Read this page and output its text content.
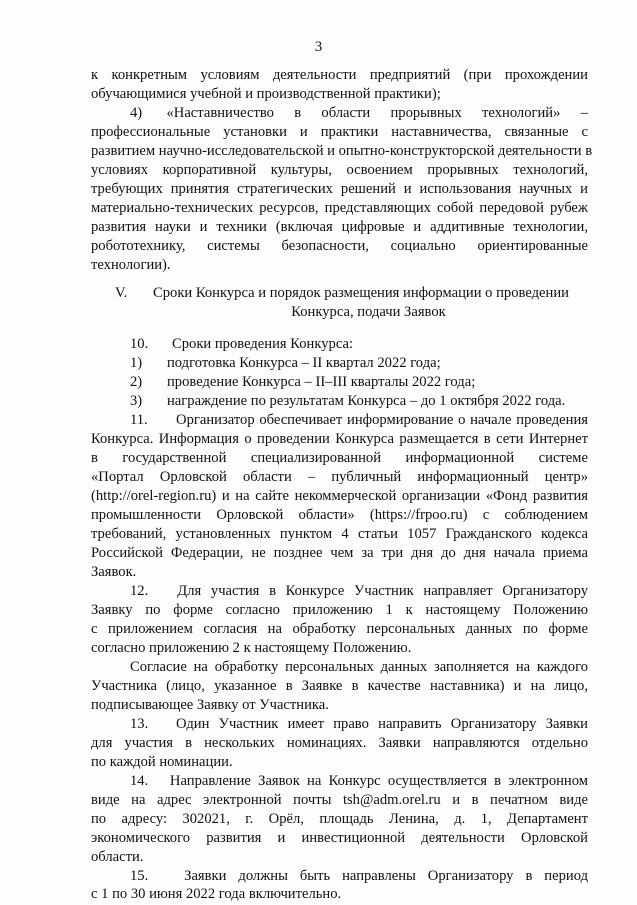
3
к конкретным условиям деятельности предприятий (при прохождении
обучающимися учебной и производственной практики);
4)      «Наставничество     в     области     прорывных     технологий»     –
профессиональные установки и практики наставничества, связанные с
развитием научно-исследовательской и опытно-конструкторской деятельности в
условиях корпоративной культуры, освоением прорывных технологий,
требующих принятия стратегических решений и использования научных и
материально-технических ресурсов, представляющих собой передовой рубеж
развития науки и техники (включая цифровые и аддитивные технологии,
робототехнику,    системы    безопасности,    социально    ориентированные
технологии).
V. Сроки Конкурса и порядок размещения информации о проведении
Конкурса, подачи Заявок
10. Сроки проведения Конкурса:
1) подготовка Конкурса – II квартал 2022 года;
2) проведение Конкурса – II–III кварталы 2022 года;
3) награждение по результатам Конкурса – до 1 октября 2022 года.
11.      Организатор обеспечивает информирование о начале проведения
Конкурса. Информация о проведении Конкурса размещается в сети Интернет
в      государственной      специализированной      информационной      системе
«Портал Орловской области – публичный информационный центр»
(http://orel-region.ru) и на сайте некоммерческой организации «Фонд развития
промышленности Орловской области» (https://frpoo.ru) с соблюдением
требований, установленных пунктом 4 статьи 1057 Гражданского кодекса
Российской Федерации, не позднее чем за три дня до дня начала приема
Заявок.
12.   Для участия в Конкурсе Участник направляет Организатору
Заявку по форме согласно приложению 1 к настоящему Положению
с приложением согласия на обработку персональных данных по форме
согласно приложению 2 к настоящему Положению.
Согласие на обработку персональных данных заполняется на каждого
Участника (лицо, указанное в Заявке в качестве наставника) и на лицо,
подписывающее Заявку от Участника.
13.   Один Участник имеет право направить Организатору Заявки
для участия в нескольких номинациях. Заявки направляются отдельно
по каждой номинации.
14.   Направление Заявок на Конкурс осуществляется в электронном
виде на адрес электронной почты tsh@adm.orel.ru и в печатном виде
по адресу: 302021, г. Орёл, площадь Ленина, д. 1, Департамент
экономического развития и инвестиционной деятельности Орловской
области.
15.   Заявки должны быть направлены Организатору в период
с 1 по 30 июня 2022 года включительно.
